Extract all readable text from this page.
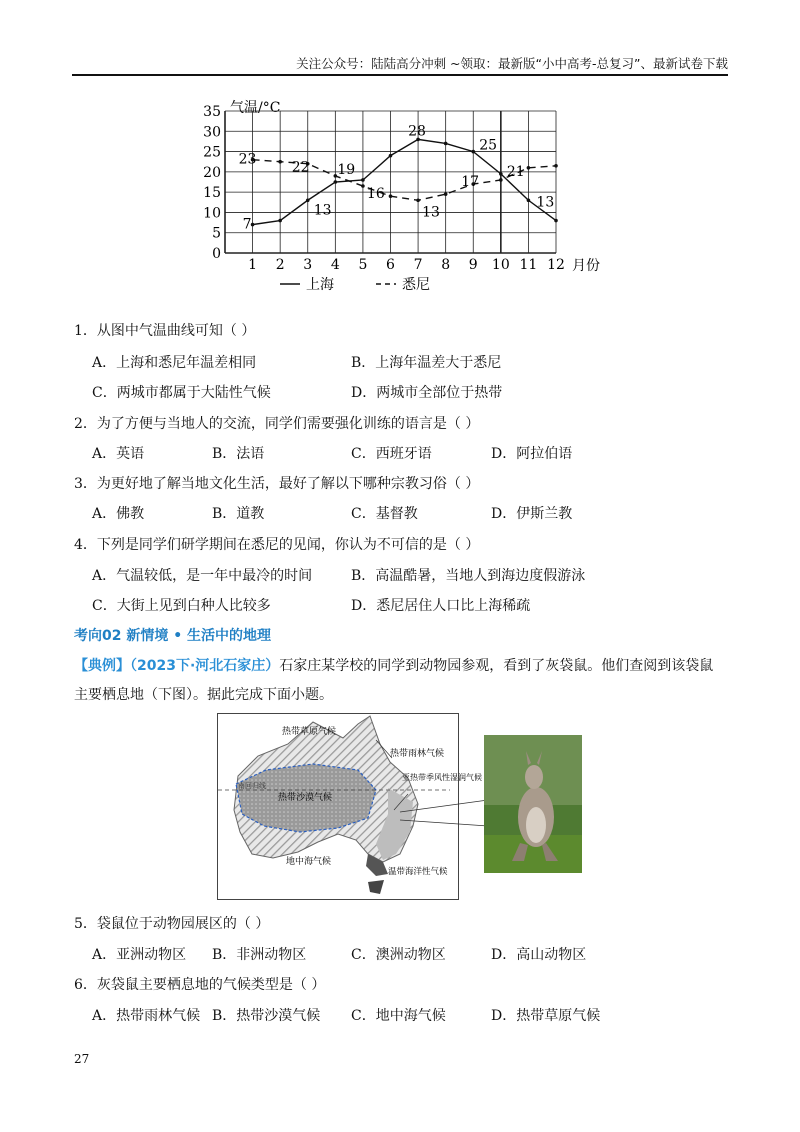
关注公众号：陆陆高分冲刺 ~领取：最新版“小中高考-总复习”、最新试卷下载
气温/°C
0
5
10
15
20
25
30
35
1 2 3 4 5 6 7 8 9 10 11 12
7
13
28
25
13
23
22 19
16
13
17
21
月份
上海	悉尼
1．从图中气温曲线可知（ ）
A．上海和悉尼年温差相同	B．上海年温差大于悉尼
C．两城市都属于大陆性气候	D．两城市全部位于热带
2．为了方便与当地人的交流，同学们需要强化训练的语言是（ ）
A．英语	B．法语	C．西班牙语	D．阿拉伯语
3．为更好地了解当地文化生活，最好了解以下哪种宗教习俗（ ）
A．佛教	B．道教	C．基督教	D．伊斯兰教
4．下列是同学们研学期间在悉尼的见闻，你认为不可信的是（ ）
A．气温较低，是一年中最冷的时间	B．高温酷暑，当地人到海边度假游泳
C．大街上见到白种人比较多	D．悉尼居住人口比上海稀疏
考向02 新情境 • 生活中的地理
【典例】（2023下·河北石家庄）石家庄某学校的同学到动物园参观，看到了灰袋鼠。他们查阅到该袋鼠
主要栖息地（下图）。据此完成下面小题。
热带草原气候
热带雨林气候
热带沙漠气候
亚热带季风性湿润气候
地中海气候
温带海洋性气候
南回归线
5．袋鼠位于动物园展区的（ ）
A．亚洲动物区 B．非洲动物区	C．澳洲动物区	D．高山动物区
6．灰袋鼠主要栖息地的气候类型是（ ）
A．热带雨林气候 B．热带沙漠气候 C．地中海气候	D．热带草原气候
27
